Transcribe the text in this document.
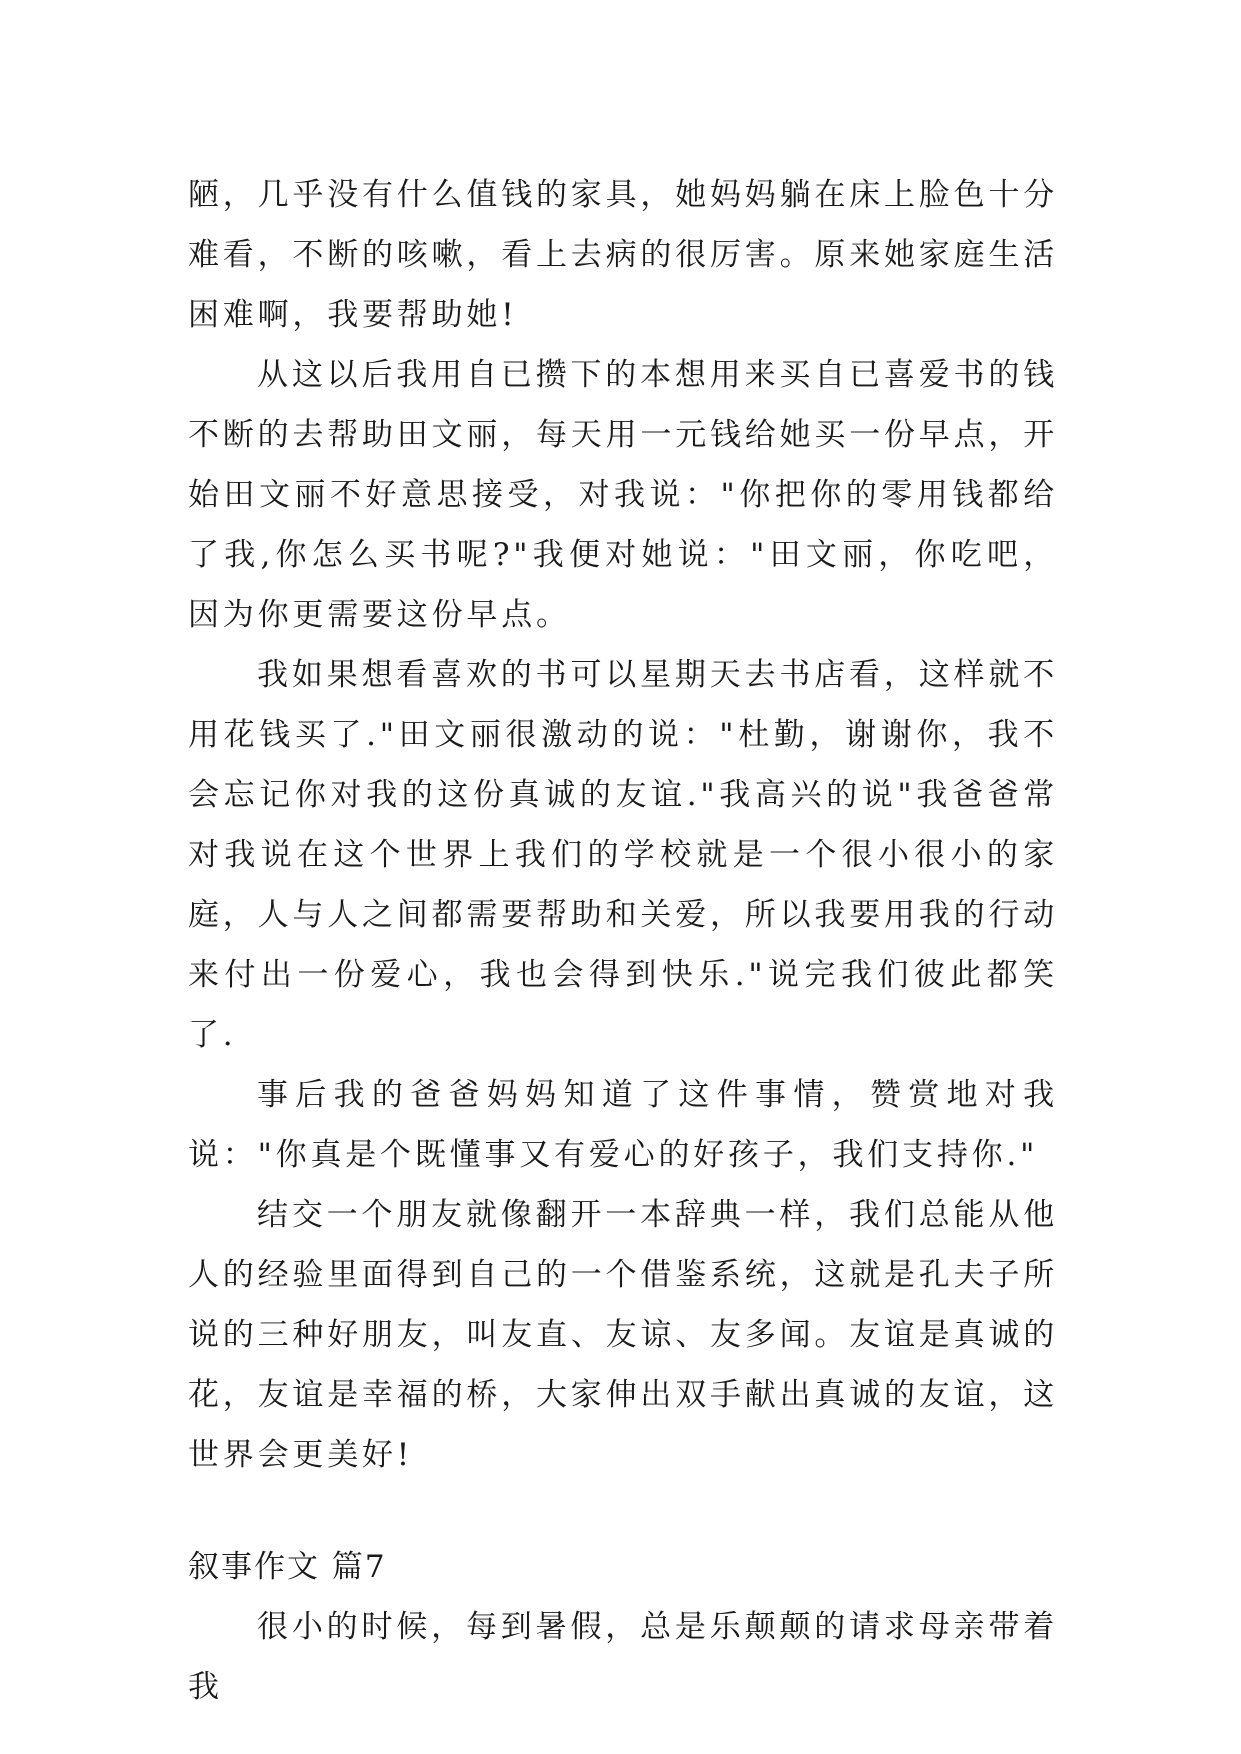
陋，几乎没有什么值钱的家具，她妈妈躺在床上脸色十分难看，不断的咳嗽，看上去病的很厉害。原来她家庭生活困难啊，我要帮助她!

从这以后我用自已攒下的本想用来买自已喜爱书的钱不断的去帮助田文丽，每天用一元钱给她买一份早点，开始田文丽不好意思接受，对我说："你把你的零用钱都给了我,你怎么买书呢?"我便对她说："田文丽，你吃吧，因为你更需要这份早点。

我如果想看喜欢的书可以星期天去书店看，这样就不用花钱买了."田文丽很激动的说："杜勤，谢谢你，我不会忘记你对我的这份真诚的友谊."我高兴的说"我爸爸常对我说在这个世界上我们的学校就是一个很小很小的家庭，人与人之间都需要帮助和关爱，所以我要用我的行动来付出一份爱心，我也会得到快乐."说完我们彼此都笑了.

事后我的爸爸妈妈知道了这件事情，赞赏地对我说："你真是个既懂事又有爱心的好孩子，我们支持你."

结交一个朋友就像翻开一本辞典一样，我们总能从他人的经验里面得到自己的一个借鉴系统，这就是孔夫子所说的三种好朋友，叫友直、友谅、友多闻。友谊是真诚的花，友谊是幸福的桥，大家伸出双手献出真诚的友谊，这世界会更美好!

叙事作文 篇7

很小的时候，每到暑假，总是乐颠颠的请求母亲带着我
